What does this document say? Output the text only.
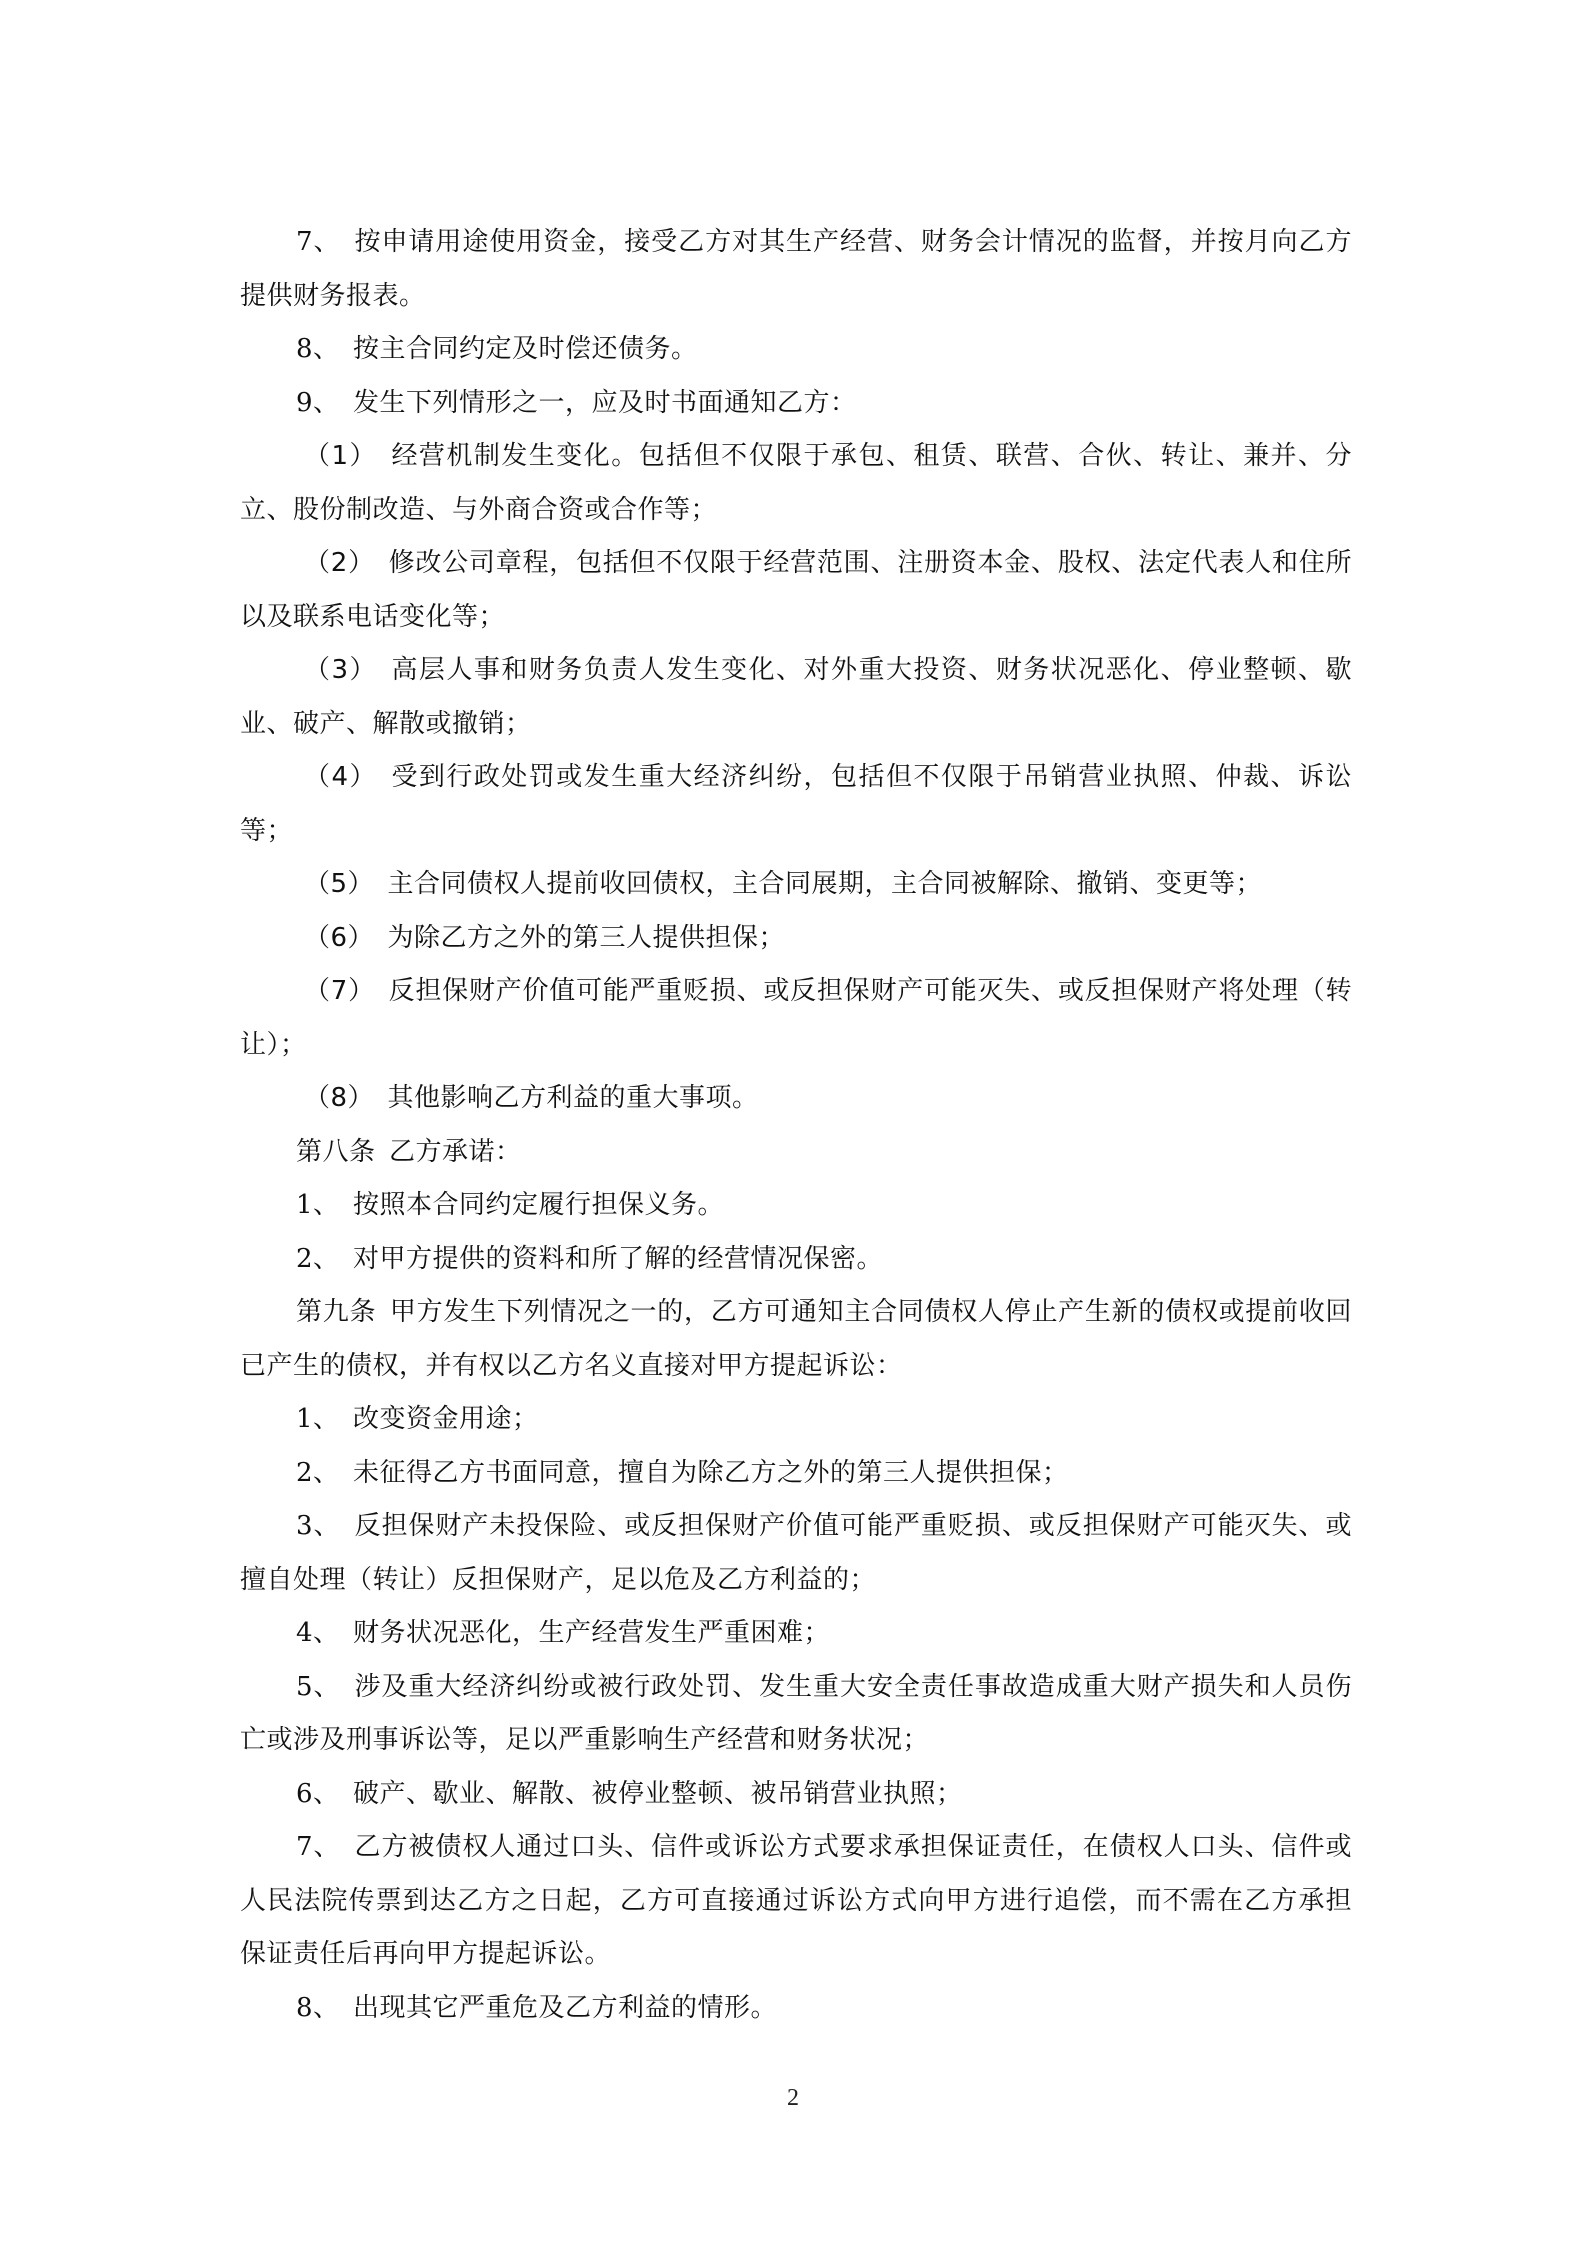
7、  按申请用途使用资金，接受乙方对其生产经营、财务会计情况的监督，并按月向乙方提供财务报表。

8、  按主合同约定及时偿还债务。

9、  发生下列情形之一，应及时书面通知乙方：

（1）  经营机制发生变化。包括但不仅限于承包、租赁、联营、合伙、转让、兼并、分立、股份制改造、与外商合资或合作等；

（2）  修改公司章程，包括但不仅限于经营范围、注册资本金、股权、法定代表人和住所以及联系电话变化等；

（3）  高层人事和财务负责人发生变化、对外重大投资、财务状况恶化、停业整顿、歇业、破产、解散或撤销；

（4）  受到行政处罚或发生重大经济纠纷，包括但不仅限于吊销营业执照、仲裁、诉讼等；

（5）  主合同债权人提前收回债权，主合同展期，主合同被解除、撤销、变更等；

（6）  为除乙方之外的第三人提供担保；

（7）  反担保财产价值可能严重贬损、或反担保财产可能灭失、或反担保财产将处理（转让）；

（8）  其他影响乙方利益的重大事项。

第八条  乙方承诺：

1、  按照本合同约定履行担保义务。

2、  对甲方提供的资料和所了解的经营情况保密。

第九条  甲方发生下列情况之一的，乙方可通知主合同债权人停止产生新的债权或提前收回已产生的债权，并有权以乙方名义直接对甲方提起诉讼：

1、  改变资金用途；

2、  未征得乙方书面同意，擅自为除乙方之外的第三人提供担保；

3、  反担保财产未投保险、或反担保财产价值可能严重贬损、或反担保财产可能灭失、或擅自处理（转让）反担保财产，足以危及乙方利益的；

4、  财务状况恶化，生产经营发生严重困难；

5、  涉及重大经济纠纷或被行政处罚、发生重大安全责任事故造成重大财产损失和人员伤亡或涉及刑事诉讼等，足以严重影响生产经营和财务状况；

6、  破产、歇业、解散、被停业整顿、被吊销营业执照；

7、  乙方被债权人通过口头、信件或诉讼方式要求承担保证责任，在债权人口头、信件或人民法院传票到达乙方之日起，乙方可直接通过诉讼方式向甲方进行追偿，而不需在乙方承担保证责任后再向甲方提起诉讼。

8、  出现其它严重危及乙方利益的情形。

2
